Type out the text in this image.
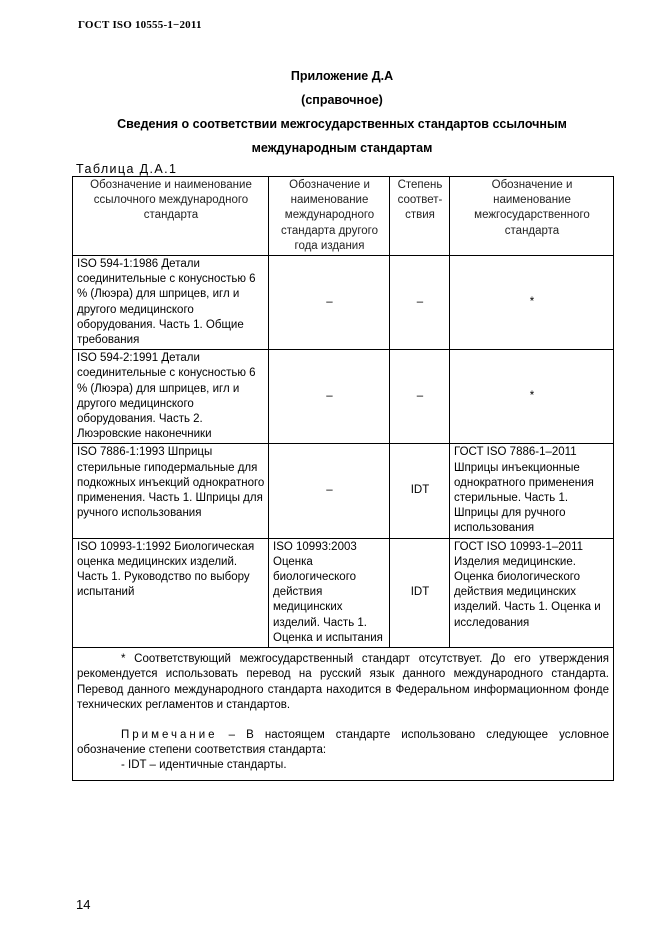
ГОСТ ISO 10555-1−2011
Приложение Д.А
(справочное)
Сведения о соответствии межгосударственных стандартов ссылочным
международным стандартам
Таблица Д.А.1
Обозначение и наименование ссылочного международного стандарта	Обозначение и наименование международного стандарта другого года издания	Степень соответ-ствия	Обозначение и наименование межгосударственного стандарта
ISO 594-1:1986 Детали соединительные с конусностью 6 % (Люэра) для шприцев, игл и другого медицинского оборудования. Часть 1. Общие требования	–	–	*
ISO 594-2:1991 Детали соединительные с конусностью 6 % (Люэра) для шприцев, игл и другого медицинского оборудования. Часть 2. Люэровские наконечники	–	–	*
ISO 7886-1:1993 Шприцы стерильные гиподермальные для подкожных инъекций однократного применения. Часть 1. Шприцы для ручного использования	–	IDT	ГОСТ ISO 7886-1–2011 Шприцы инъекционные однократного применения стерильные. Часть 1. Шприцы для ручного использования
ISO 10993-1:1992 Биологическая оценка медицинских изделий. Часть 1. Руководство по выбору испытаний	ISO 10993:2003 Оценка биологического действия медицинских изделий. Часть 1. Оценка и испытания	IDT	ГОСТ ISO 10993-1–2011 Изделия медицинские. Оценка биологического действия медицинских изделий. Часть 1. Оценка и исследования

* Соответствующий межгосударственный стандарт отсутствует. До его утверждения рекомендуется использовать перевод на русский язык данного международного стандарта. Перевод данного международного стандарта находится в Федеральном информационном фонде технических регламентов и стандартов.

Примечание – В настоящем стандарте использовано следующее условное обозначение степени соответствия стандарта:

- IDT – идентичные стандарты.			

14
